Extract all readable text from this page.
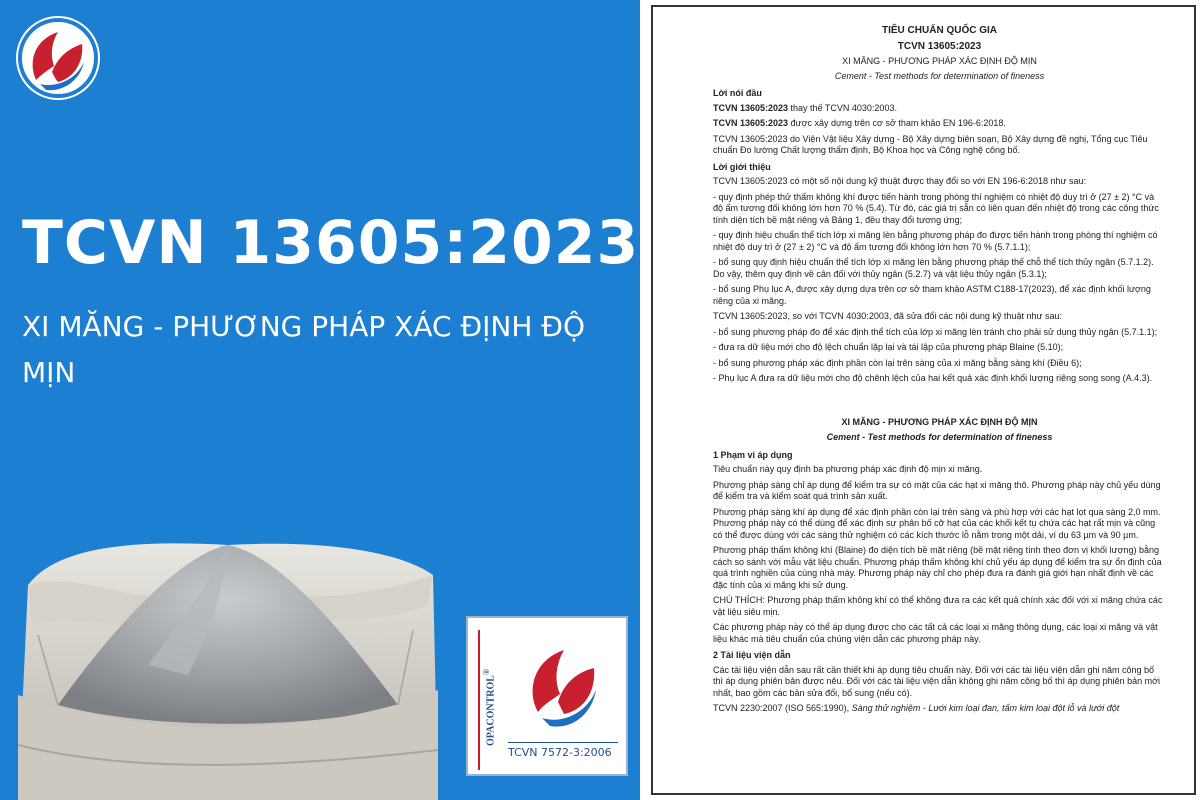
TCVN 13605:2023
XI MĂNG - PHƯƠNG PHÁP XÁC ĐỊNH ĐỘ MỊN
OPACONTROL®
TCVN 7572-3:2006
TIÊU CHUẨN QUỐC GIA
TCVN 13605:2023
XI MĂNG - PHƯƠNG PHÁP XÁC ĐỊNH ĐỘ MỊN
Cement - Test methods for determination of fineness
Lời nói đầu
TCVN 13605:2023 thay thế TCVN 4030:2003.
TCVN 13605:2023 được xây dựng trên cơ sở tham khảo EN 196-6:2018.
TCVN 13605:2023 do Viện Vật liệu Xây dựng - Bộ Xây dựng biên soạn, Bộ Xây dựng đề nghị, Tổng cục Tiêu chuẩn Đo lường Chất lượng thẩm định, Bộ Khoa học và Công nghệ công bố.
Lời giới thiệu
TCVN 13605:2023 có một số nội dung kỹ thuật được thay đổi so với EN 196-6:2018 như sau:
- quy định phép thử thấm không khí được tiến hành trong phòng thí nghiệm có nhiệt độ duy trì ở (27 ± 2) °C và độ ẩm tương đối không lớn hơn 70 % (5.4). Từ đó, các giá trị sẵn có liên quan đến nhiệt độ trong các công thức tính diện tích bề mặt riêng và Bảng 1, đều thay đổi tương ứng;
- quy định hiệu chuẩn thể tích lớp xi măng lèn bằng phương pháp đo được tiến hành trong phòng thí nghiệm có nhiệt độ duy trì ở (27 ± 2) °C và độ ẩm tương đối không lớn hơn 70 % (5.7.1.1);
- bổ sung quy định hiệu chuẩn thể tích lớp xi măng lèn bằng phương pháp thế chỗ thể tích thủy ngân (5.7.1.2). Do vậy, thêm quy định về cân đối với thủy ngân (5.2.7) và vật liệu thủy ngân (5.3.1);
- bổ sung Phụ lục A, được xây dựng dựa trên cơ sở tham khảo ASTM C188-17(2023), để xác định khối lượng riêng của xi măng.
TCVN 13605:2023, so với TCVN 4030:2003, đã sửa đổi các nội dung kỹ thuật như sau:
- bổ sung phương pháp đo để xác định thể tích của lớp xi măng lèn tránh cho phải sử dụng thủy ngân (5.7.1.1);
- đưa ra dữ liệu mới cho độ lệch chuẩn lặp lại và tái lập của phương pháp Blaine (5.10);
- bổ sung phương pháp xác định phần còn lại trên sàng của xi măng bằng sàng khí (Điều 6);
- Phụ lục A đưa ra dữ liệu mới cho độ chênh lệch của hai kết quả xác định khối lượng riêng song song (A.4.3).
XI MĂNG - PHƯƠNG PHÁP XÁC ĐỊNH ĐỘ MỊN
Cement - Test methods for determination of fineness
1 Phạm vi áp dụng
Tiêu chuẩn này quy định ba phương pháp xác định độ mịn xi măng.
Phương pháp sàng chỉ áp dụng để kiểm tra sự có mặt của các hạt xi măng thô. Phương pháp này chủ yếu dùng để kiểm tra và kiểm soát quá trình sản xuất.
Phương pháp sàng khí áp dụng để xác định phần còn lại trên sàng và phù hợp với các hạt lọt qua sàng 2,0 mm. Phương pháp này có thể dùng để xác định sự phân bố cỡ hạt của các khối kết tụ chứa các hạt rất mịn và cũng có thể được dùng với các sàng thử nghiệm có các kích thước lỗ nằm trong một dải, ví dụ 63 µm và 90 µm.
Phương pháp thấm không khí (Blaine) đo diện tích bề mặt riêng (bề mặt riêng tính theo đơn vị khối lượng) bằng cách so sánh với mẫu vật liệu chuẩn. Phương pháp thấm không khí chủ yếu áp dụng để kiểm tra sự ổn định của quá trình nghiền của cùng nhà máy. Phương pháp này chỉ cho phép đưa ra đánh giá giới hạn nhất định về các đặc tính của xi măng khi sử dụng.
CHÚ THÍCH: Phương pháp thấm không khí có thể không đưa ra các kết quả chính xác đối với xi măng chứa các vật liệu siêu mịn.
Các phương pháp này có thể áp dụng được cho các tất cả các loại xi măng thông dụng, các loại xi măng và vật liệu khác mà tiêu chuẩn của chúng viện dẫn các phương pháp này.
2 Tài liệu viện dẫn
Các tài liệu viện dẫn sau rất cần thiết khi áp dụng tiêu chuẩn này. Đối với các tài liệu viện dẫn ghi năm công bố thì áp dụng phiên bản được nêu. Đối với các tài liệu viện dẫn không ghi năm công bố thì áp dụng phiên bản mới nhất, bao gồm các bản sửa đổi, bổ sung (nếu có).
TCVN 2230:2007 (ISO 565:1990), Sàng thử nghiệm - Lưới kim loại đan, tấm kim loại đột lỗ và lưới đột
